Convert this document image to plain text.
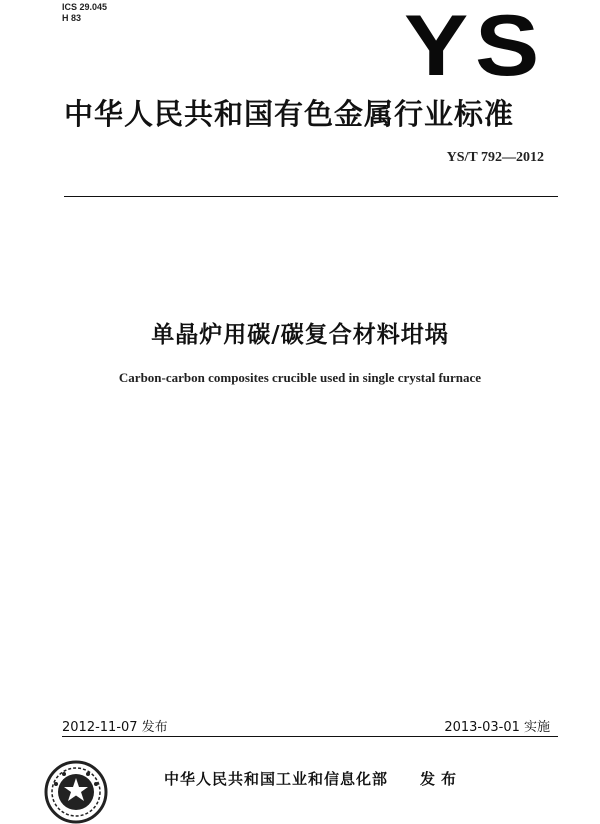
ICS 29.045
H 83	YS
中华人民共和国有色金属行业标准
YS/T 792—2012
单晶炉用碳/碳复合材料坩埚
Carbon-carbon composites crucible used in single crystal furnace
2012-11-07 发布	2013-03-01 实施
中华人民共和国工业和信息化部 发布
